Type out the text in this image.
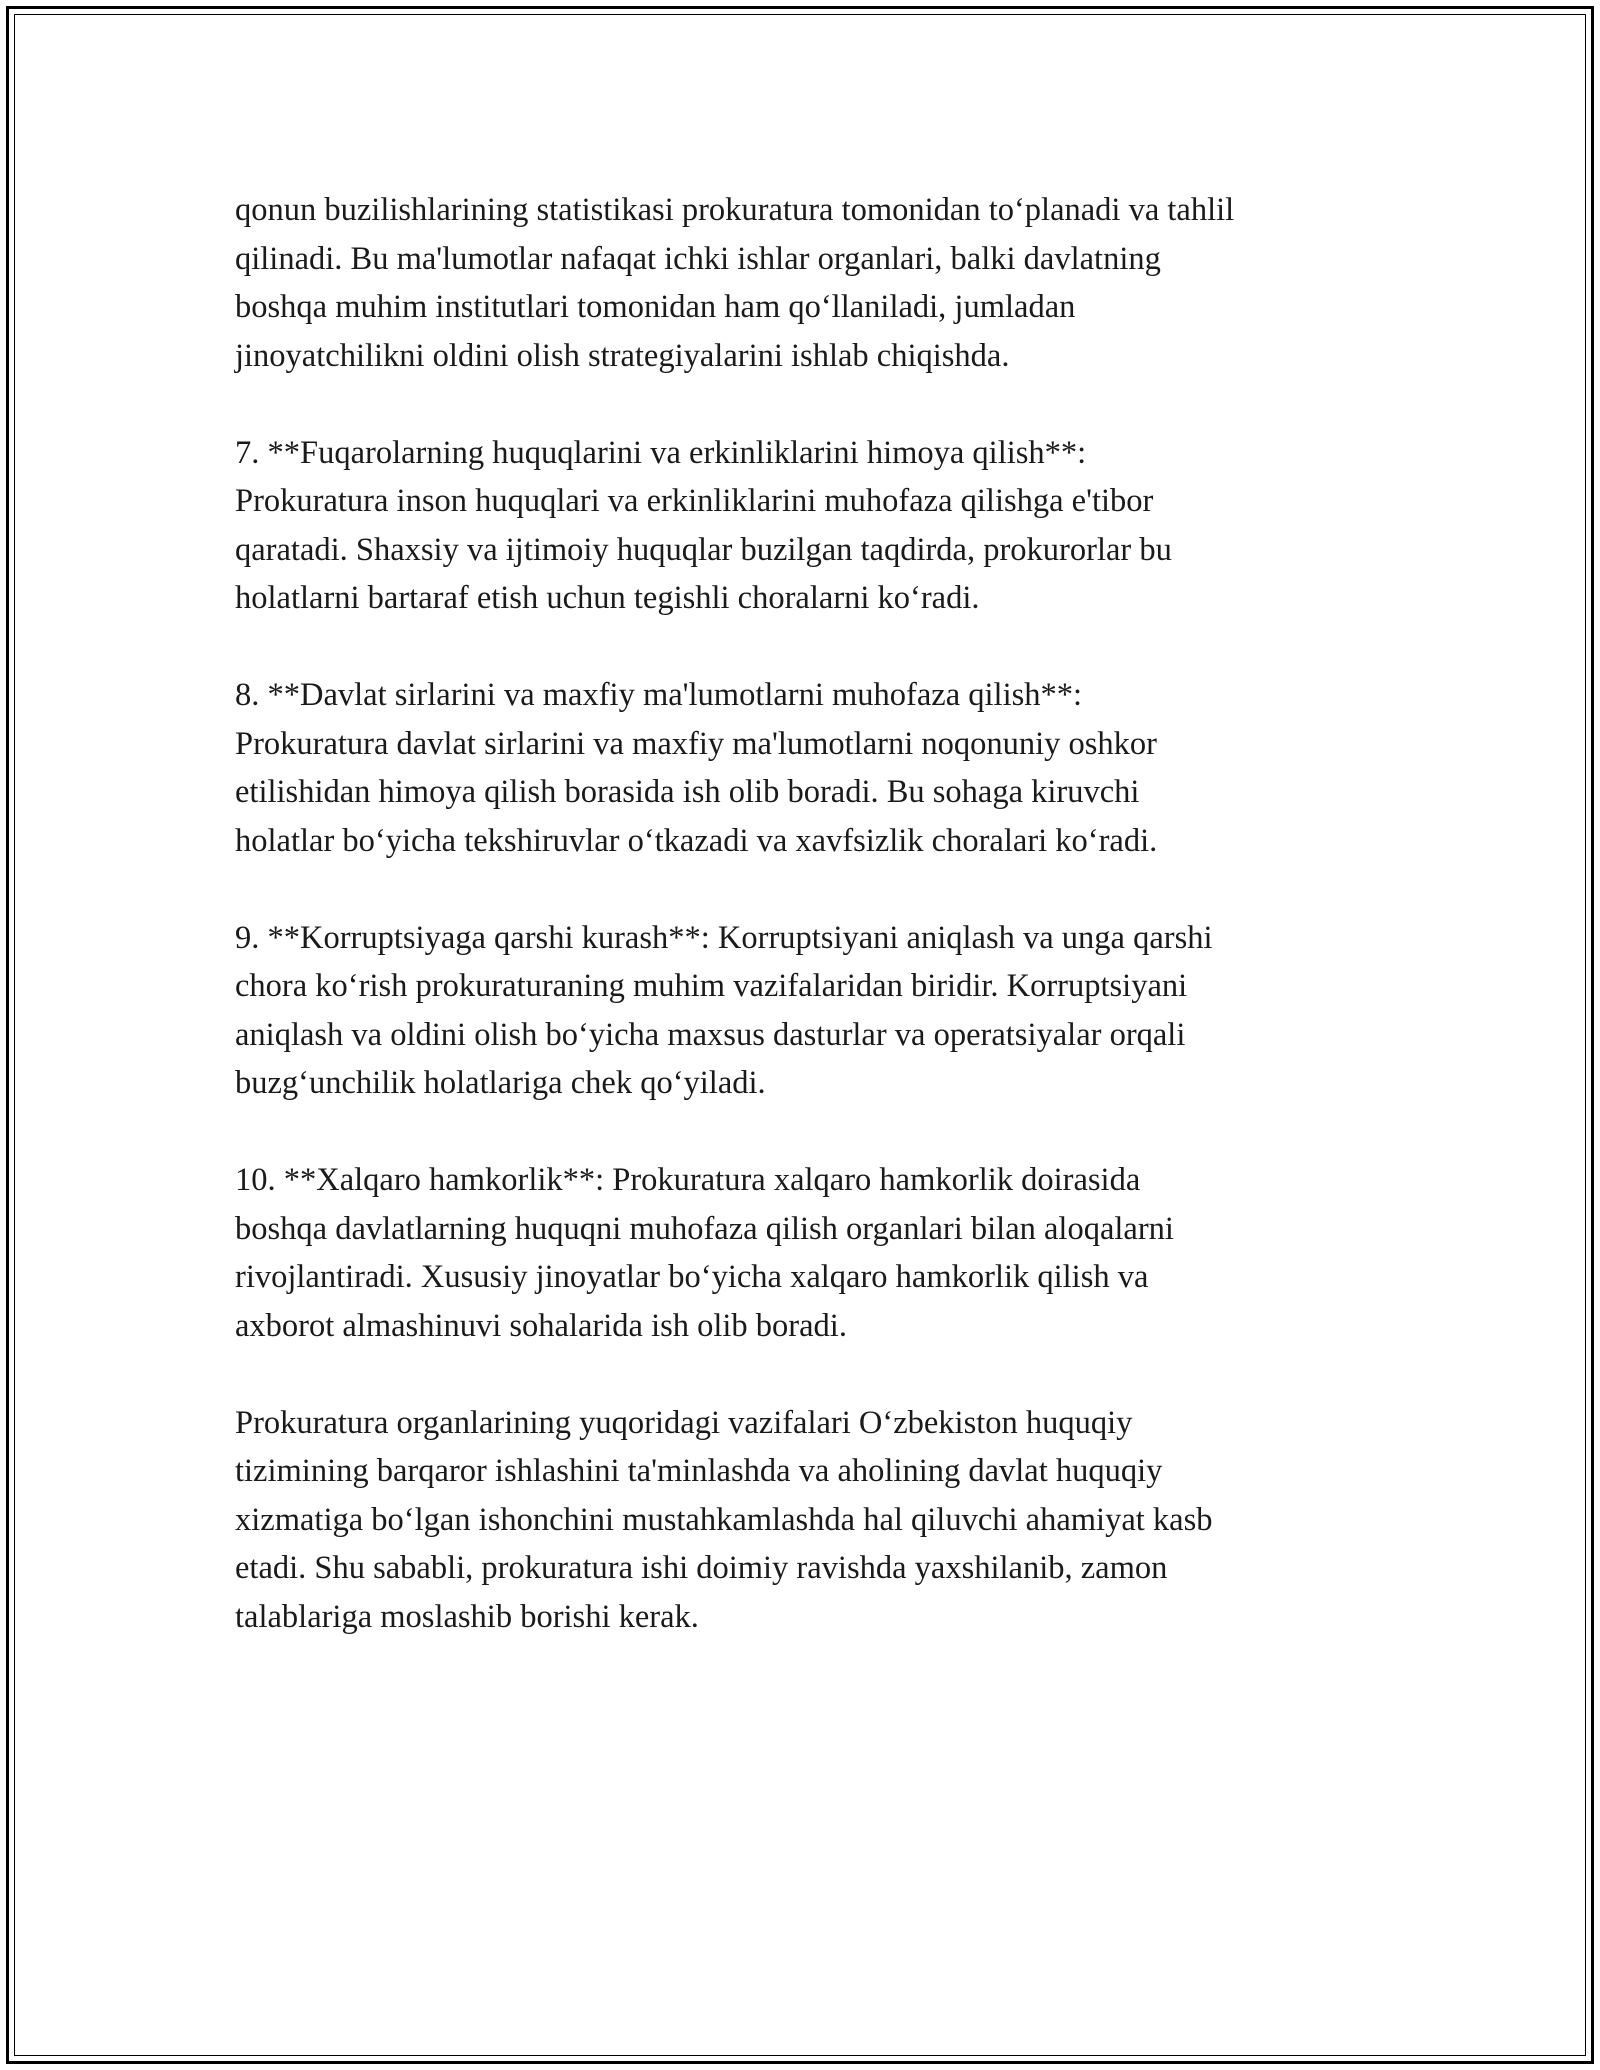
qonun buzilishlarining statistikasi prokuratura tomonidan to‘planadi va tahlil
qilinadi. Bu ma'lumotlar nafaqat ichki ishlar organlari, balki davlatning
boshqa muhim institutlari tomonidan ham qo‘llaniladi, jumladan
jinoyatchilikni oldini olish strategiyalarini ishlab chiqishda.

7. **Fuqarolarning huquqlarini va erkinliklarini himoya qilish**:
Prokuratura inson huquqlari va erkinliklarini muhofaza qilishga e'tibor
qaratadi. Shaxsiy va ijtimoiy huquqlar buzilgan taqdirda, prokurorlar bu
holatlarni bartaraf etish uchun tegishli choralarni ko‘radi.

8. **Davlat sirlarini va maxfiy ma'lumotlarni muhofaza qilish**:
Prokuratura davlat sirlarini va maxfiy ma'lumotlarni noqonuniy oshkor
etilishidan himoya qilish borasida ish olib boradi. Bu sohaga kiruvchi
holatlar bo‘yicha tekshiruvlar o‘tkazadi va xavfsizlik choralari ko‘radi.

9. **Korruptsiyaga qarshi kurash**: Korruptsiyani aniqlash va unga qarshi
chora ko‘rish prokuraturaning muhim vazifalaridan biridir. Korruptsiyani
aniqlash va oldini olish bo‘yicha maxsus dasturlar va operatsiyalar orqali
buzg‘unchilik holatlariga chek qo‘yiladi.

10. **Xalqaro hamkorlik**: Prokuratura xalqaro hamkorlik doirasida
boshqa davlatlarning huquqni muhofaza qilish organlari bilan aloqalarni
rivojlantiradi. Xususiy jinoyatlar bo‘yicha xalqaro hamkorlik qilish va
axborot almashinuvi sohalarida ish olib boradi.

Prokuratura organlarining yuqoridagi vazifalari O‘zbekiston huquqiy
tizimining barqaror ishlashini ta'minlashda va aholining davlat huquqiy
xizmatiga bo‘lgan ishonchini mustahkamlashda hal qiluvchi ahamiyat kasb
etadi. Shu sababli, prokuratura ishi doimiy ravishda yaxshilanib, zamon
talablariga moslashib borishi kerak.
